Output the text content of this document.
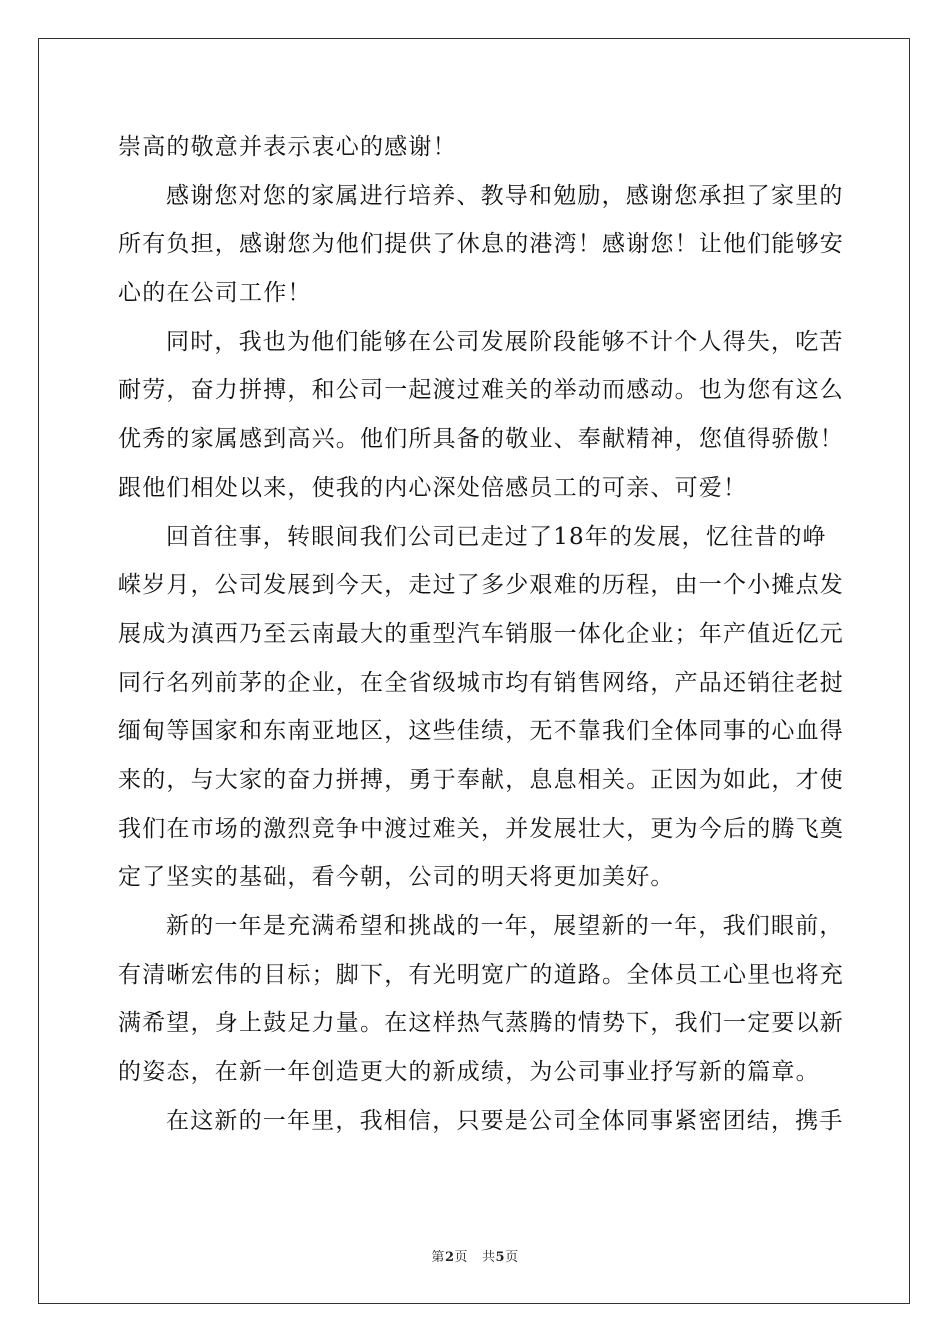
崇高的敬意并表示衷心的感谢！
感谢您对您的家属进行培养、教导和勉励，感谢您承担了家里的
所有负担，感谢您为他们提供了休息的港湾！感谢您！让他们能够安
心的在公司工作！
同时，我也为他们能够在公司发展阶段能够不计个人得失，吃苦
耐劳，奋力拼搏，和公司一起渡过难关的举动而感动。也为您有这么
优秀的家属感到高兴。他们所具备的敬业、奉献精神，您值得骄傲！
跟他们相处以来，使我的内心深处倍感员工的可亲、可爱！
回首往事，转眼间我们公司已走过了18年的发展，忆往昔的峥
嵘岁月，公司发展到今天，走过了多少艰难的历程，由一个小摊点发
展成为滇西乃至云南最大的重型汽车销服一体化企业；年产值近亿元
同行名列前茅的企业，在全省级城市均有销售网络，产品还销往老挝
缅甸等国家和东南亚地区，这些佳绩，无不靠我们全体同事的心血得
来的，与大家的奋力拼搏，勇于奉献，息息相关。正因为如此，才使
我们在市场的激烈竞争中渡过难关，并发展壮大，更为今后的腾飞奠
定了坚实的基础，看今朝，公司的明天将更加美好。
新的一年是充满希望和挑战的一年，展望新的一年，我们眼前，
有清晰宏伟的目标；脚下，有光明宽广的道路。全体员工心里也将充
满希望，身上鼓足力量。在这样热气蒸腾的情势下，我们一定要以新
的姿态，在新一年创造更大的新成绩，为公司事业抒写新的篇章。
在这新的一年里，我相信，只要是公司全体同事紧密团结，携手
第2页 共5页
